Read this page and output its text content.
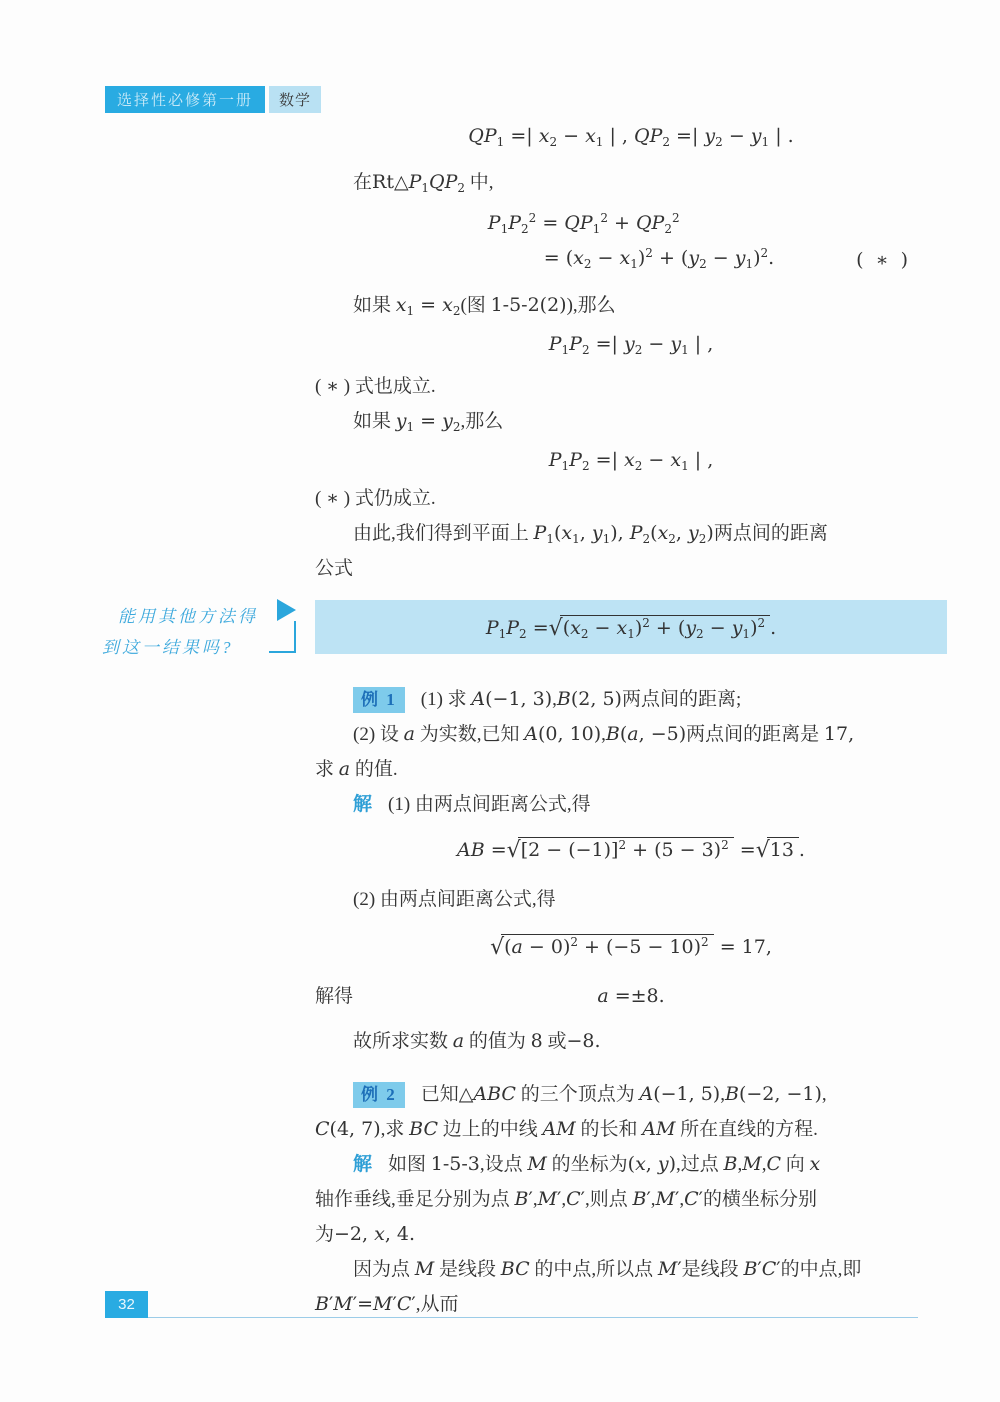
选择性必修第一册	数学
能用其他方法得
到这一结果吗?
$QP_1$ =| $x_2 - x_1$ | , $QP_2$ =| $y_2 - y_1$ | .
在$Rt\triangle P_1QP_2$ 中,
$P_1P_2^2 = QP_1^2 + QP_2^2$
= $(x_2 - x_1)^2 + (y_2 - y_1)^2$.	( ∗ )
如果 $x_1 = x_2$(图 1-5-2(2)),那么
$P_1P_2$ =| $y_2 - y_1$ | ,
( ∗ ) 式也成立.
如果 $y_1 = y_2$,那么
$P_1P_2$ =| $x_2 - x_1$ | ,
( ∗ ) 式仍成立.
由此,我们得到平面上 $P_1(x_1$, $y_1$), $P_2(x_2$, $y_2$)两点间的距离
公式
$P_1P_2 =√(x_2 - x_1)^2 + (y_2 - y_1)^2$ .
例 1 (1) 求 A(−1, 3),B(2, 5)两点间的距离;
(2) 设 a 为实数,已知 A(0, 10),B(a, −5)两点间的距离是 17,
求 a 的值.
解 (1) 由两点间距离公式,得
AB $=√[2 - (-1)]^2 + (5 - 3)^2 =√13$ .
(2) 由两点间距离公式,得
$√(a - 0)^2 + (-5 - 10)^2 = 17$,
解得	a =±8.
故所求实数 a 的值为 8 或−8.
例 2 已知△ABC 的三个顶点为 A(−1, 5),B(−2, −1),
C(4, 7),求 BC 边上的中线 AM 的长和 AM 所在直线的方程.
解 如图 1-5-3,设点 M 的坐标为(x, y),过点 B,M,C 向 x
轴作垂线,垂足分别为点 B′,M′,C′,则点 B′,M′,C′的横坐标分别
为−2, x, 4.
因为点 M 是线段 BC 的中点,所以点 M′是线段 B′C′的中点,即
B′M′=M′C′,从而
32
